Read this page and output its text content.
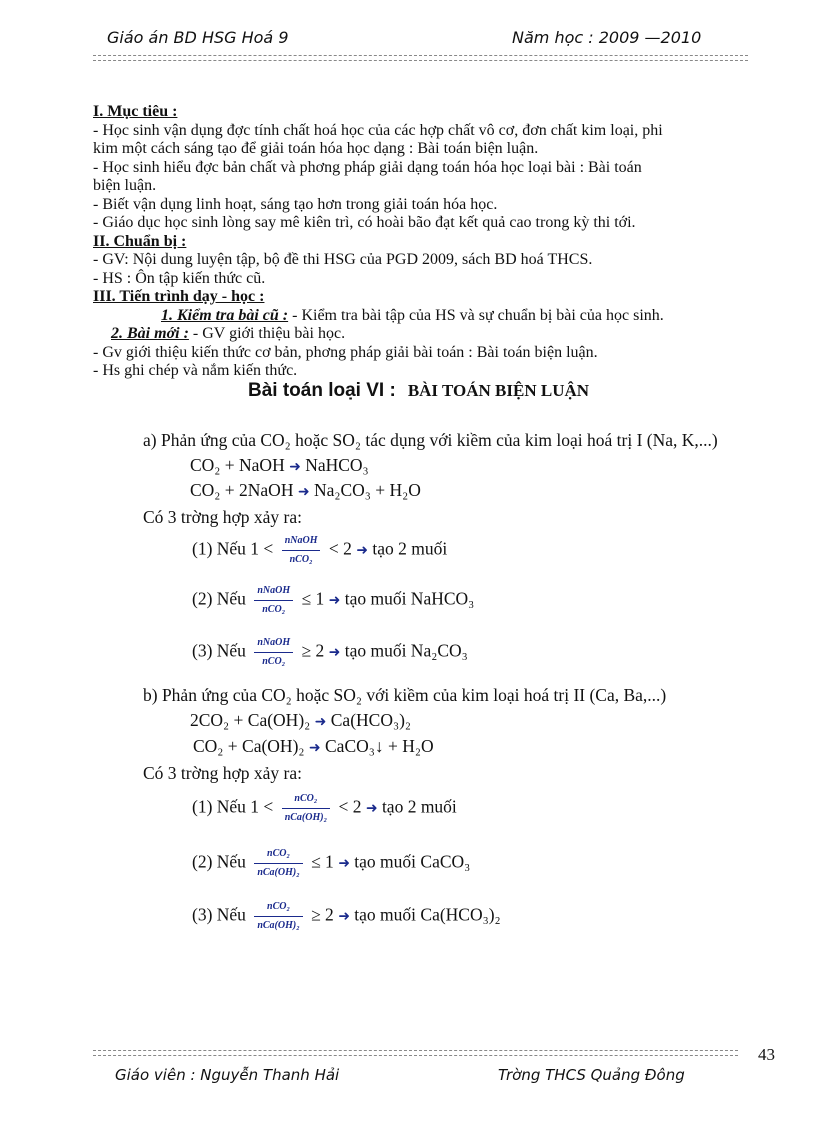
Giáo án BD HSG Hoá 9	Năm học : 2009 —2010
I. Mục tiêu :
- Học sinh vận dụng đợc tính chất hoá học của các hợp chất vô cơ, đơn chất kim loại, phi
kim một cách sáng tạo để giải toán hóa học dạng : Bài toán biện luận.
- Học sinh hiểu đợc bản chất và phơng pháp giải dạng toán hóa học loại bài : Bài toán
biện luận.
- Biết vận dụng linh hoạt, sáng tạo hơn trong giải toán hóa học.
- Giáo dục học sinh lòng say mê kiên trì, có hoài bão đạt kết quả cao trong kỳ thi tới.
II. Chuẩn bị :
- GV: Nội dung luyện tập, bộ đề thi HSG của PGD 2009, sách BD hoá THCS.
- HS : Ôn tập kiến thức cũ.
III. Tiến trình dạy - học :
1. Kiểm tra bài cũ : - Kiểm tra bài tập của HS và sự chuẩn bị bài của học sinh.
2. Bài mới : - GV giới thiệu bài học.
- Gv giới thiệu kiến thức cơ bản, phơng pháp giải bài toán : Bài toán biện luận.
- Hs ghi chép và nắm kiến thức.
Bài toán loại VI : BÀI TOÁN BIỆN LUẬN
a) Phản ứng của CO₂ hoặc SO₂ tác dụng với kiềm của kim loại hoá trị I (Na, K,...)
CO₂ + NaOH ➜ NaHCO₃
CO₂ + 2NaOH ➜ Na₂CO₃ + H₂O
Có 3 trờng hợp xảy ra:
(1) Nếu $1 < \frac{\text{nNaOH}}{\text{nCO₂}} < 2$ ➜ tạo 2 muối
(2) Nếu $\frac{\text{nNaOH}}{\text{nCO₂}} \le 1$ ➜ tạo muối NaHCO₃
(3) Nếu $\frac{\text{nNaOH}}{\text{nCO₂}} \ge 2$ ➜ tạo muối Na₂CO₃
b) Phản ứng của CO₂ hoặc SO₂ với kiềm của kim loại hoá trị II (Ca, Ba,...)
2CO₂ + Ca(OH)₂ ➜ Ca(HCO₃)₂
CO₂ + Ca(OH)₂ ➜ CaCO₃↓ + H₂O
Có 3 trờng hợp xảy ra:
(1) Nếu $1 < \frac{\text{nCO₂}}{\text{nCa(OH)₂}} < 2$ ➜ tạo 2 muối
(2) Nếu $\frac{\text{nCO₂}}{\text{nCa(OH)₂}} \le 1$ ➜ tạo muối CaCO₃
(3) Nếu $\frac{\text{nCO₂}}{\text{nCa(OH)₂}} \ge 2$ ➜ tạo muối Ca(HCO₃)₂
43
Giáo viên : Nguyễn Thanh Hải	Trờng THCS Quảng Đông
